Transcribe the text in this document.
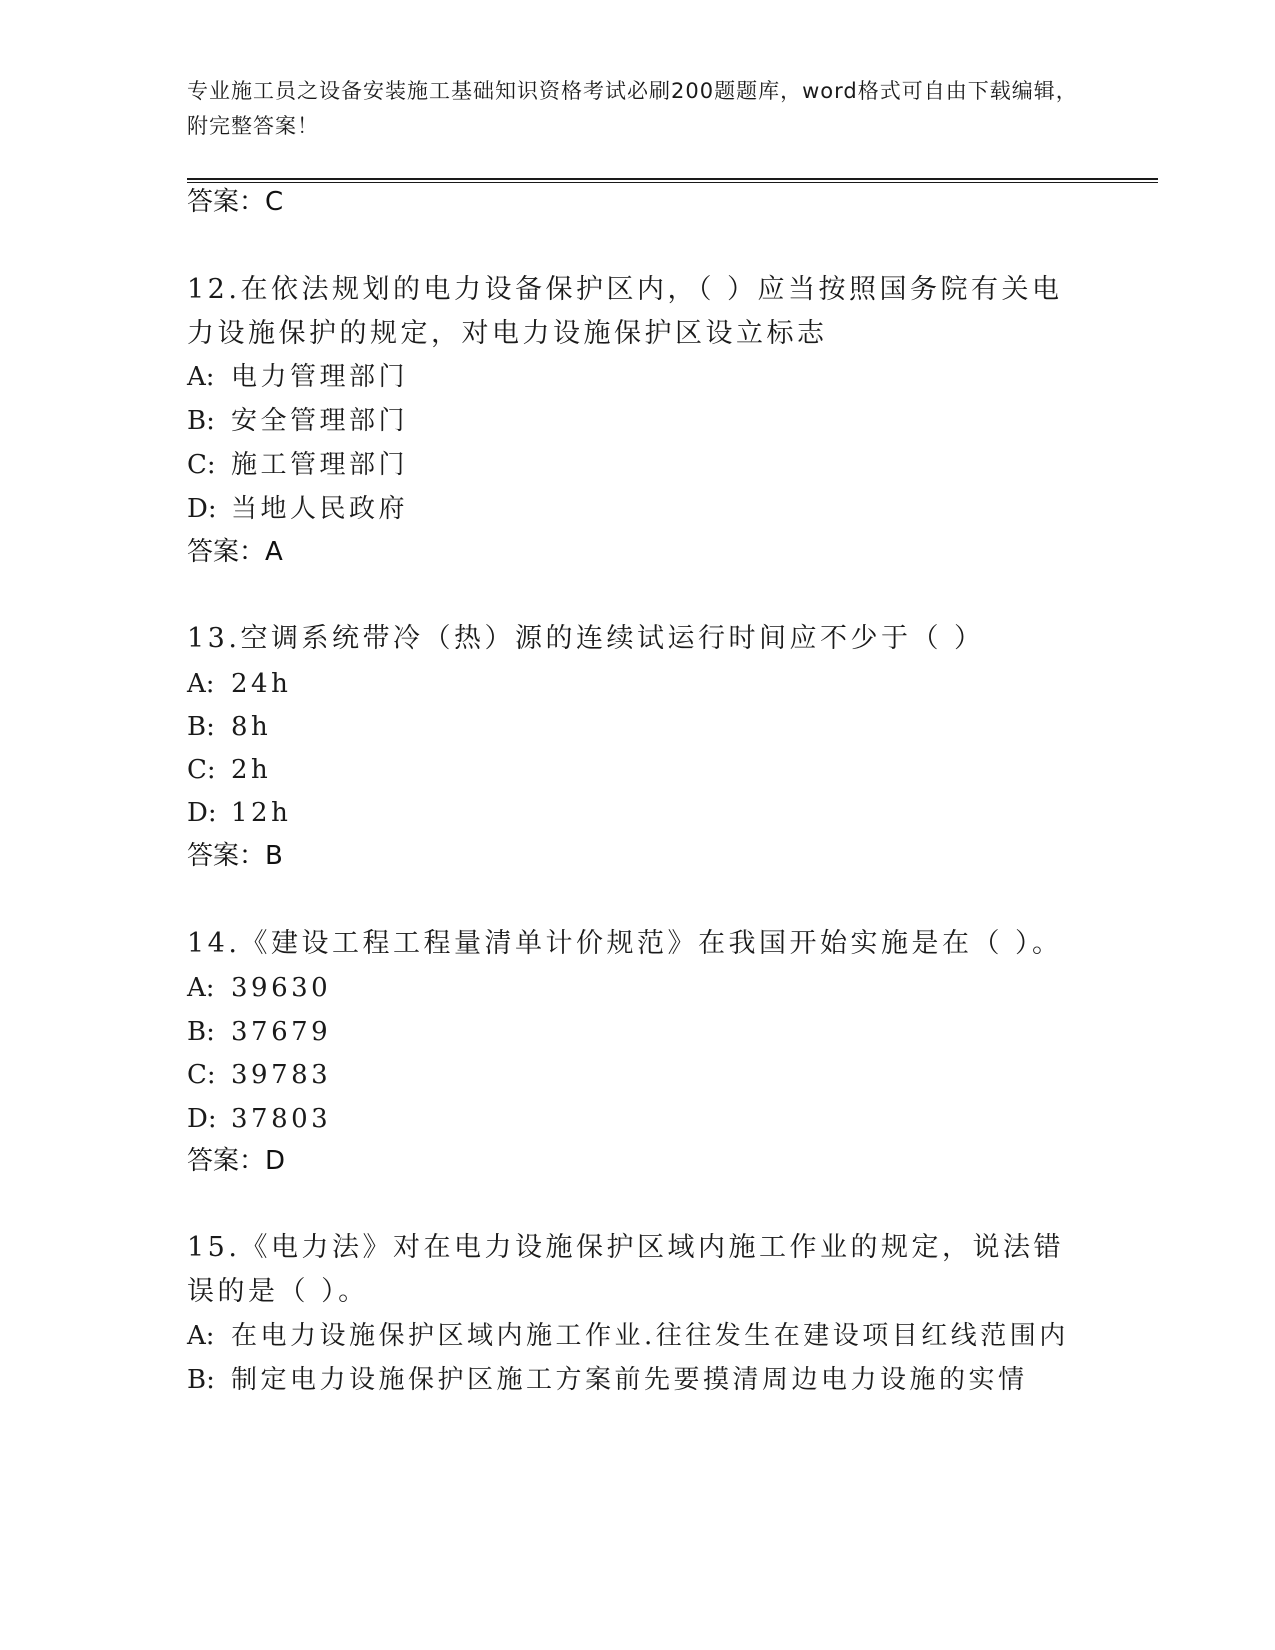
专业施工员之设备安装施工基础知识资格考试必刷200题题库，word格式可自由下载编辑，附完整答案！
答案：C
12.在依法规划的电力设备保护区内，（ ）应当按照国务院有关电力设施保护的规定，对电力设施保护区设立标志
A: 电力管理部门
B: 安全管理部门
C: 施工管理部门
D: 当地人民政府
答案：A
13.空调系统带冷（热）源的连续试运行时间应不少于（ ）
A: 24h
B: 8h
C: 2h
D: 12h
答案：B
14.《建设工程工程量清单计价规范》在我国开始实施是在（ ）。
A: 39630
B: 37679
C: 39783
D: 37803
答案：D
15.《电力法》对在电力设施保护区域内施工作业的规定，说法错误的是（ ）。
A: 在电力设施保护区域内施工作业.往往发生在建设项目红线范围内
B: 制定电力设施保护区施工方案前先要摸清周边电力设施的实情
